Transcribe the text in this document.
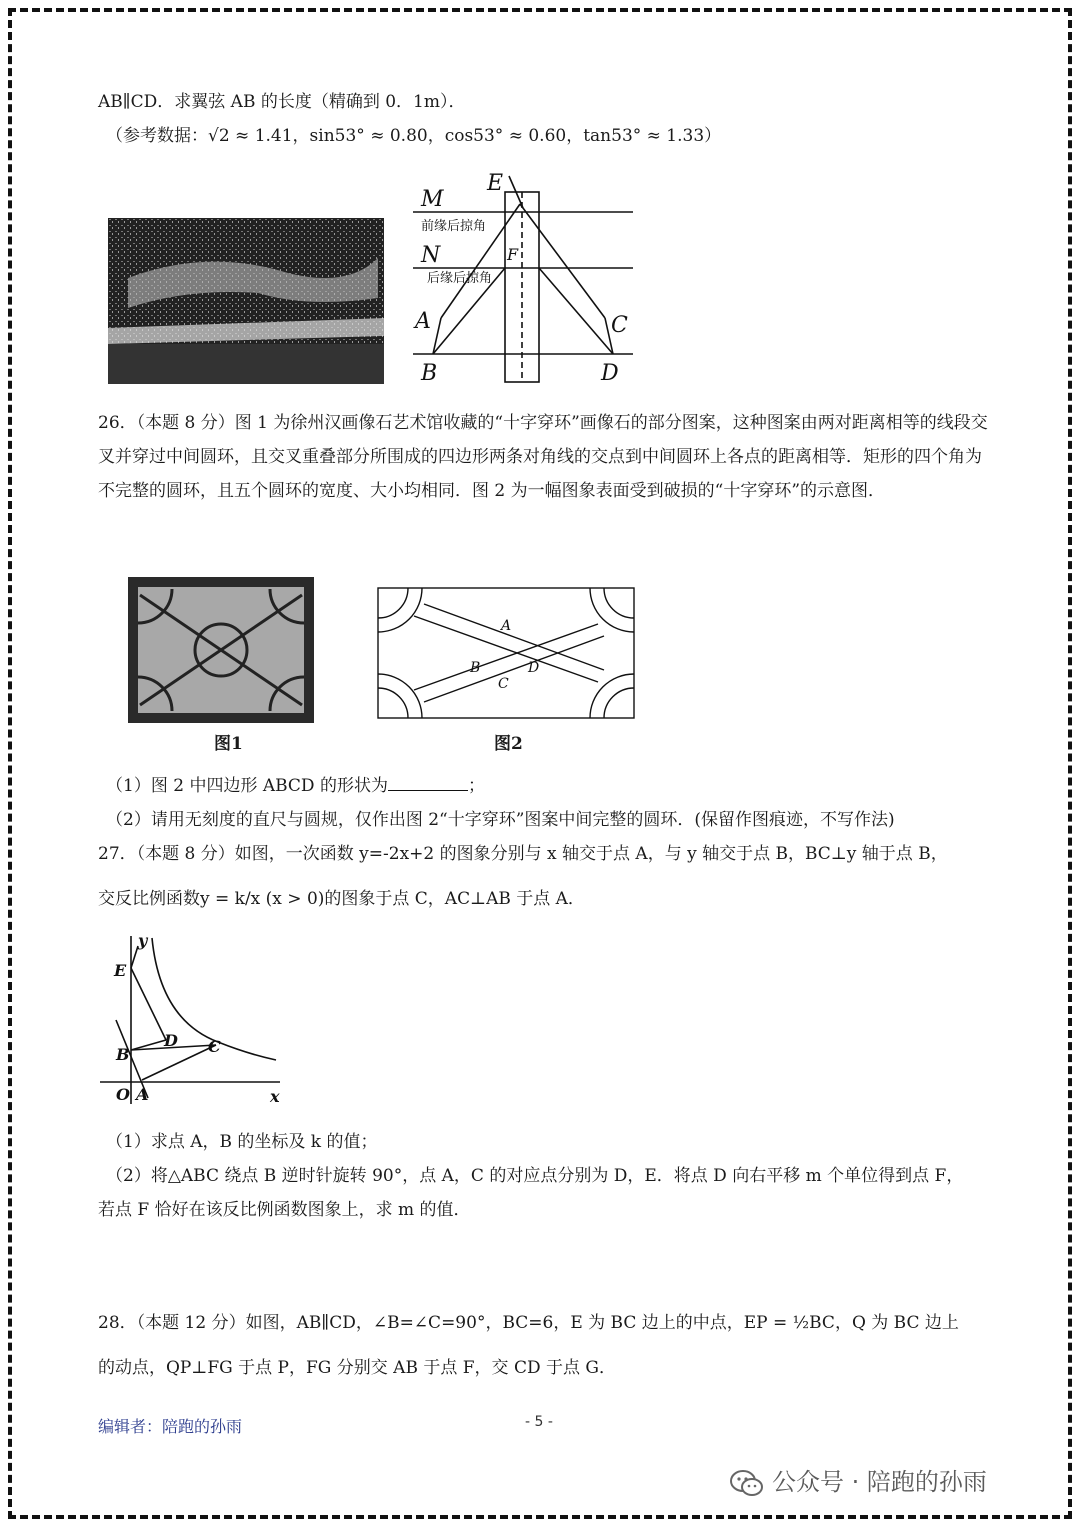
AB∥CD．求翼弦 AB 的长度（精确到 0．1m）．
（参考数据：√2 ≈ 1.41，sin53° ≈ 0.80，cos53° ≈ 0.60，tan53° ≈ 1.33）
M
N
E
F
A
B
C
D
前缘后掠角
后缘后掠角
26．（本题 8 分）图 1 为徐州汉画像石艺术馆收藏的“十字穿环”画像石的部分图案，这种图案由两对距离相等的线段交叉并穿过中间圆环，且交叉重叠部分所围成的四边形两条对角线的交点到中间圆环上各点的距离相等．矩形的四个角为不完整的圆环，且五个圆环的宽度、大小均相同．图 2 为一幅图象表面受到破损的“十字穿环”的示意图．
图1
A
B	D
C
图2
（1）图 2 中四边形 ABCD 的形状为	；
（2）请用无刻度的直尺与圆规，仅作出图 2“十字穿环”图案中间完整的圆环．(保留作图痕迹，不写作法)
27．（本题 8 分）如图，一次函数 y=-2x+2 的图象分别与 x 轴交于点 A，与 y 轴交于点 B，BC⊥y 轴于点 B，
交反比例函数y = k/x (x > 0)的图象于点 C，AC⊥AB 于点 A．
y
x
E
D C
B
O A
（1）求点 A，B 的坐标及 k 的值；
（2）将△ABC 绕点 B 逆时针旋转 90°，点 A，C 的对应点分别为 D，E．将点 D 向右平移 m 个单位得到点 F，
若点 F 恰好在该反比例函数图象上，求 m 的值．
28．（本题 12 分）如图，AB∥CD，∠B=∠C=90°，BC=6，E 为 BC 边上的中点，EP = ½BC，Q 为 BC 边上
的动点，QP⊥FG 于点 P，FG 分别交 AB 于点 F，交 CD 于点 G．
编辑者：陪跑的孙雨	- 5 -
公众号 · 陪跑的孙雨
